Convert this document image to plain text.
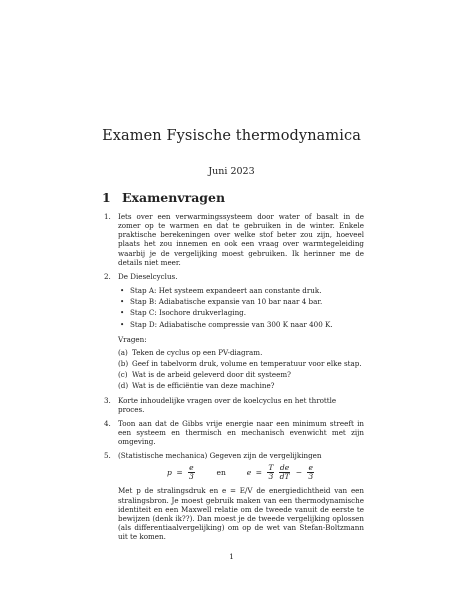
Examen Fysische thermodynamica
Juni 2023
1 Examenvragen
1. Iets over een verwarmingssysteem door water of basalt in de zomer op te warmen en dat te gebruiken in de winter. Enkele praktische berekeningen over welke stof beter zou zijn, hoeveel plaats het zou innemen en ook een vraag over warmtegeleiding waarbij je de vergelijking moest gebruiken. Ik herinner me de details niet meer.
2. De Dieselcyclus.
• Stap A: Het systeem expandeert aan constante druk.
• Stap B: Adiabatische expansie van 10 bar naar 4 bar.
• Stap C: Isochore drukverlaging.
• Stap D: Adiabatische compressie van 300 K naar 400 K.
Vragen:
(a) Teken de cyclus op een PV-diagram.
(b) Geef in tabelvorm druk, volume en temperatuur voor elke stap.
(c) Wat is de arbeid geleverd door dit systeem?
(d) Wat is de efficiëntie van deze machine?
3. Korte inhoudelijke vragen over de koelcyclus en het throttle proces.
4. Toon aan dat de Gibbs vrije energie naar een minimum streeft in een systeem en thermisch en mechanisch evenwicht met zijn omgeving.
5. (Statistische mechanica) Gegeven zijn de vergelijkingen
$p = \frac{e}{3}$	en	$e = \frac{T}{3}$
$\frac{de}{dT} - \frac{e}{3}$
Met p de stralingsdruk en e = E/V de energiedichtheid van een stralingsbron. Je moest gebruik maken van een thermodynamische identiteit en een Maxwell relatie om de tweede vanuit de eerste te bewijzen (denk ik??). Dan moest je de tweede vergelijking oplossen (als differentiaalvergelijking) om op de wet van Stefan-Boltzmann uit te komen.
1
